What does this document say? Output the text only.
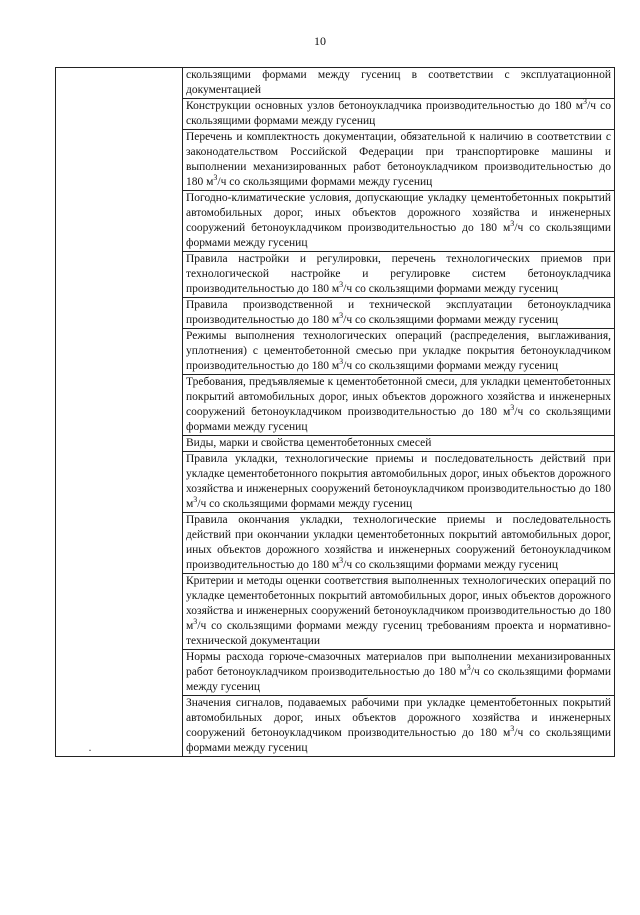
10
	скользящими формами между гусениц в соответствии с эксплуатационной документацией
Конструкции основных узлов бетоноукладчика производительностью до 180 $м^3/ч$ со скользящими формами между гусениц
Перечень и комплектность документации, обязательной к наличию в соответствии с законодательством Российской Федерации при транспортировке машины и выполнении механизированных работ бетоноукладчиком производительностью до 180 $м^3/ч$ со скользящими формами между гусениц
Погодно-климатические условия, допускающие укладку цементобетонных покрытий автомобильных дорог, иных объектов дорожного хозяйства и инженерных сооружений бетоноукладчиком производительностью до 180 $м^3/ч$ со скользящими формами между гусениц
Правила настройки и регулировки, перечень технологических приемов при технологической настройке и регулировке систем бетоноукладчика производительностью до 180 $м^3/ч$ со скользящими формами между гусениц
Правила производственной и технической эксплуатации бетоноукладчика производительностью до 180 $м^3/ч$ со скользящими формами между гусениц
Режимы выполнения технологических операций (распределения, выглаживания, уплотнения) с цементобетонной смесью при укладке покрытия бетоноукладчиком производительностью до 180 $м^3/ч$ со скользящими формами между гусениц
Требования, предъявляемые к цементобетонной смеси, для укладки цементобетонных покрытий автомобильных дорог, иных объектов дорожного хозяйства и инженерных сооружений бетоноукладчиком производительностью до 180 $м^3/ч$ со скользящими формами между гусениц
Виды, марки и свойства цементобетонных смесей
Правила укладки, технологические приемы и последовательность действий при укладке цементобетонного покрытия автомобильных дорог, иных объектов дорожного хозяйства и инженерных сооружений бетоноукладчиком производительностью до 180 $м^3/ч$ со скользящими формами между гусениц
Правила окончания укладки, технологические приемы и последовательность действий при окончании укладки цементобетонных покрытий автомобильных дорог, иных объектов дорожного хозяйства и инженерных сооружений бетоноукладчиком производительностью до 180 $м^3/ч$ со скользящими формами между гусениц
Критерии и методы оценки соответствия выполненных технологических операций по укладке цементобетонных покрытий автомобильных дорог, иных объектов дорожного хозяйства и инженерных сооружений бетоноукладчиком производительностью до 180 $м^3/ч$ со скользящими формами между гусениц требованиям проекта и нормативно-технической документации
Нормы расхода горюче-смазочных материалов при выполнении механизированных работ бетоноукладчиком производительностью до 180 $м^3/ч$ со скользящими формами между гусениц
Значения сигналов, подаваемых рабочими при укладке цементобетонных покрытий автомобильных дорог, иных объектов дорожного хозяйства и инженерных сооружений бетоноукладчиком производительностью до 180 $м^3/ч$ со скользящими формами между гусениц
·
